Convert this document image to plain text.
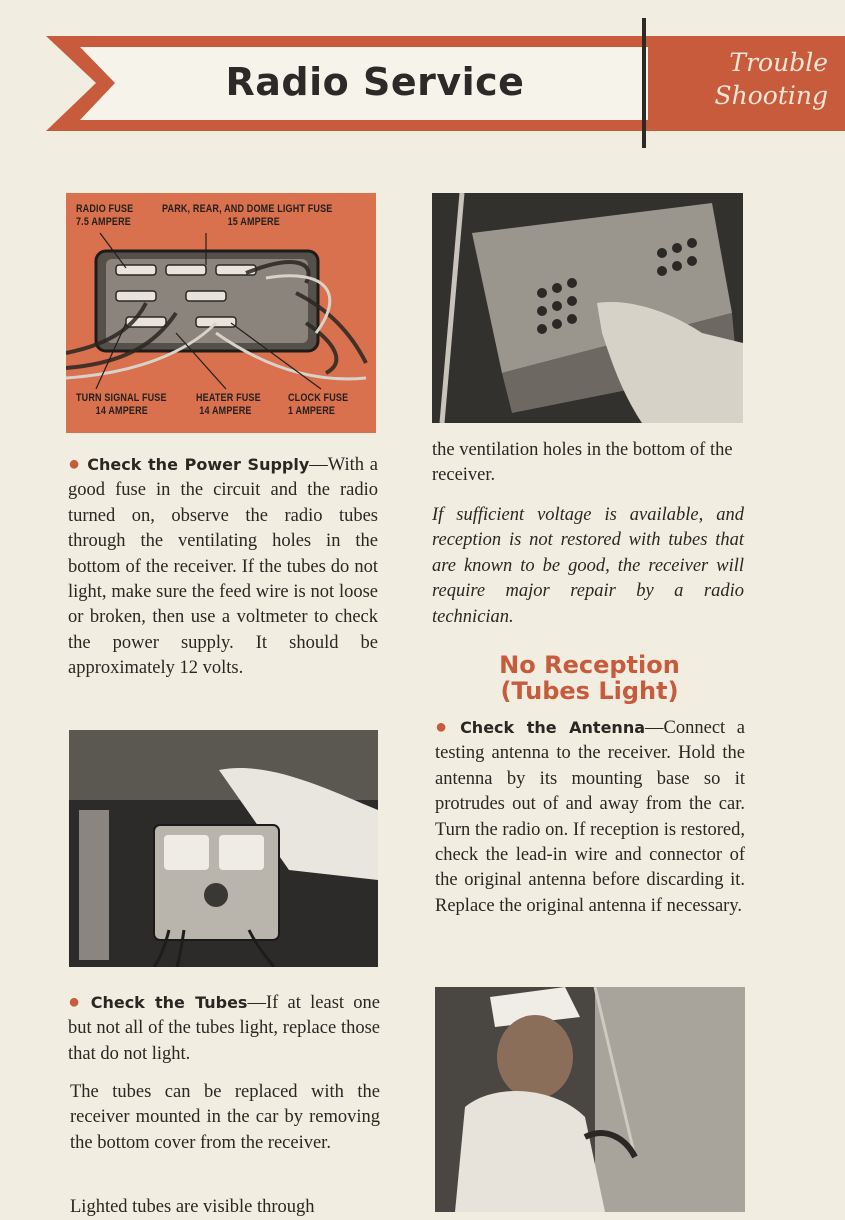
Radio Service	Trouble
Shooting
RADIO FUSE
7.5 AMPERE
PARK, REAR, AND DOME LIGHT FUSE
15 AMPERE
TURN SIGNAL FUSE
14 AMPERE
HEATER FUSE
14 AMPERE
CLOCK FUSE
1 AMPERE

● Check the Power Supply—With a good fuse in the circuit and the radio turned on, observe the radio tubes through the ventilating holes in the bottom of the receiver. If the tubes do not light, make sure the feed wire is not loose or broken, then use a voltmeter to check the power supply. It should be approximately 12 volts.

● Check the Tubes—If at least one but not all of the tubes light, replace those that do not light.

The tubes can be replaced with the receiver mounted in the car by removing the bottom cover from the receiver.

Lighted tubes are visible through

the ventilation holes in the bottom of the receiver.

If sufficient voltage is available, and reception is not restored with tubes that are known to be good, the receiver will require major repair by a radio technician.

No Reception
(Tubes Light)

● Check the Antenna—Connect a testing antenna to the receiver. Hold the antenna by its mounting base so it protrudes out of and away from the car. Turn the radio on. If reception is restored, check the lead-in wire and connector of the original antenna before discarding it. Replace the original antenna if necessary.
